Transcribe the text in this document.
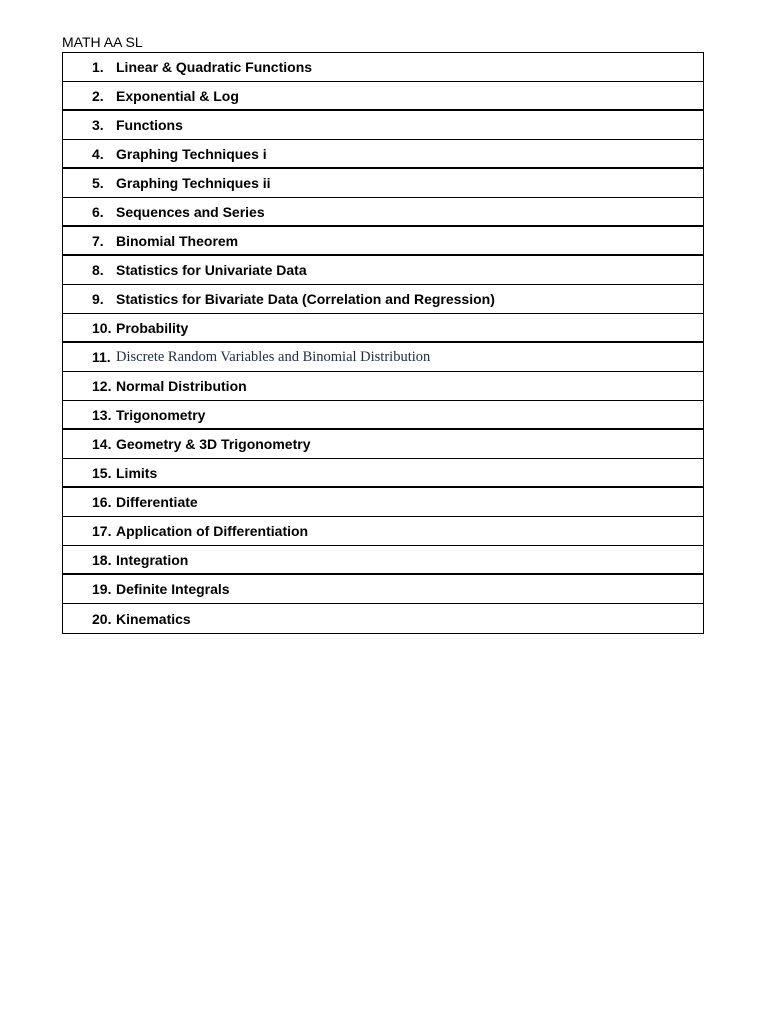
MATH AA SL
1. Linear & Quadratic Functions
2. Exponential & Log
3. Functions
4. Graphing Techniques i
5. Graphing Techniques ii
6. Sequences and Series
7. Binomial Theorem
8. Statistics for Univariate Data
9. Statistics for Bivariate Data (Correlation and Regression)
10. Probability
11. Discrete Random Variables and Binomial Distribution
12. Normal Distribution
13. Trigonometry
14. Geometry & 3D Trigonometry
15. Limits
16. Differentiate
17. Application of Differentiation
18. Integration
19. Definite Integrals
20. Kinematics
